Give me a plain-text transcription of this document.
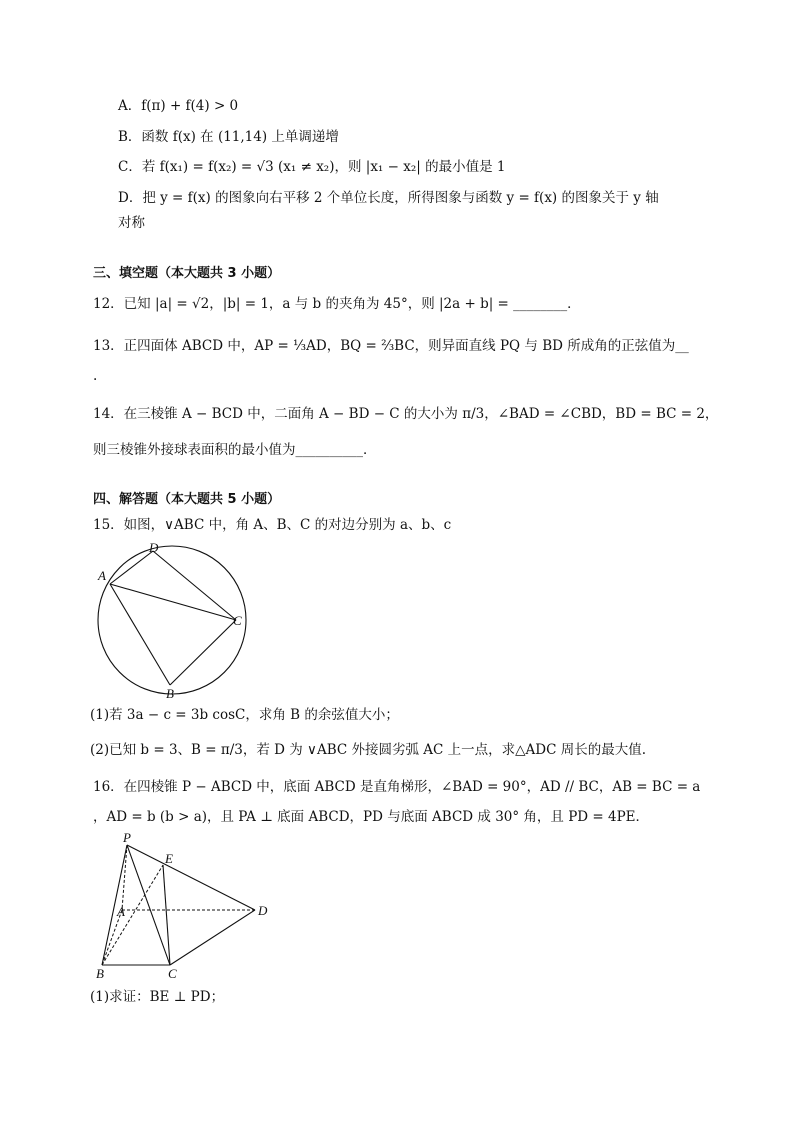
A．f(π) + f(4) > 0
B．函数 f(x) 在 (11,14) 上单调递增
C．若 f(x₁) = f(x₂) = √3 (x₁ ≠ x₂)，则 |x₁ − x₂| 的最小值是 1
D．把 y = f(x) 的图象向右平移 2 个单位长度，所得图象与函数 y = f(x) 的图象关于 y 轴
对称
三、填空题（本大题共 3 小题）
12．已知 |a| = √2，|b| = 1，a 与 b 的夹角为 45°，则 |2a + b| = ________．
13．正四面体 ABCD 中，AP = ⅓AD，BQ = ⅔BC，则异面直线 PQ 与 BD 所成角的正弦值为__
.
14．在三棱锥 A − BCD 中，二面角 A − BD − C 的大小为 π/3，∠BAD = ∠CBD，BD = BC = 2，
则三棱锥外接球表面积的最小值为__________．
四、解答题（本大题共 5 小题）
15．如图，∨ABC 中，角 A、B、C 的对边分别为 a、b、c
D
A
C
B
(1)若 3a − c = 3b cosC，求角 B 的余弦值大小；
(2)已知 b = 3、B = π/3，若 D 为 ∨ABC 外接圆劣弧 AC 上一点，求△ADC 周长的最大值.
16．在四棱锥 P − ABCD 中，底面 ABCD 是直角梯形，∠BAD = 90°，AD // BC，AB = BC = a
，AD = b (b > a)，且 PA ⊥ 底面 ABCD，PD 与底面 ABCD 成 30° 角，且 PD = 4PE．
P
E
A	D
B	C
(1)求证：BE ⊥ PD；
